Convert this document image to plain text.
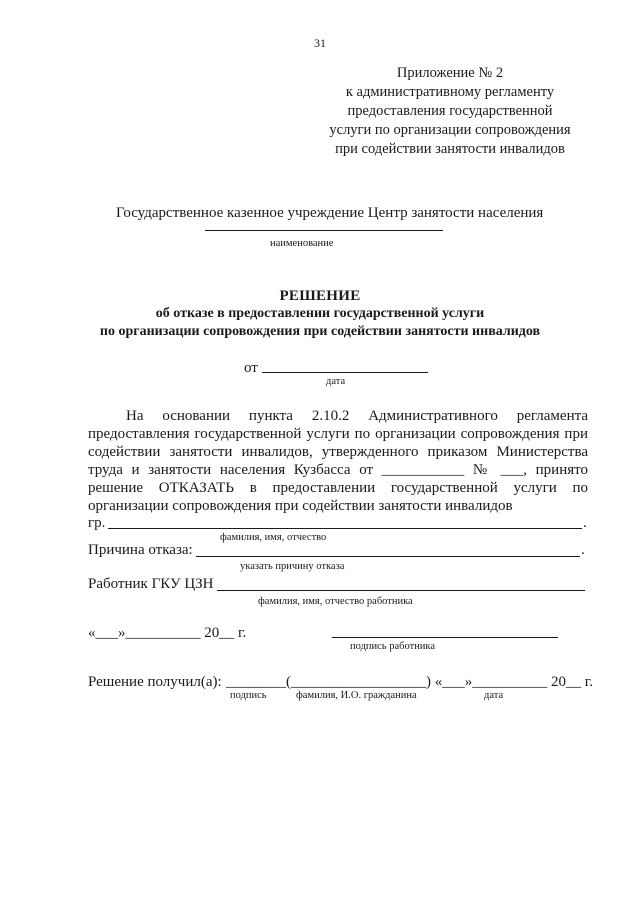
31
Приложение № 2
к административному регламенту
предоставления государственной
услуги по организации сопровождения
при содействии занятости инвалидов
Государственное казенное учреждение Центр занятости населения
наименование
РЕШЕНИЕ
об отказе в предоставлении государственной услуги
по организации сопровождения при содействии занятости инвалидов
от
дата
На основании пункта 2.10.2 Административного регламента
предоставления государственной услуги по организации сопровождения при
содействии занятости инвалидов, утвержденного приказом Министерства
труда и занятости населения Кузбасса от ___________ № ___, принято
решение ОТКАЗАТЬ в предоставлении государственной услуги по
организации сопровождения при содействии занятости инвалидов
гр.	.
фамилия, имя, отчество
Причина отказа:	.
указать причину отказа
Работник ГКУ ЦЗН
фамилия, имя, отчество работника
«___»__________ 20__ г.
подпись работника
Решение получил(а): ________(__________________) «___»__________ 20__ г.
подпись	фамилия, И.О. гражданина	дата
